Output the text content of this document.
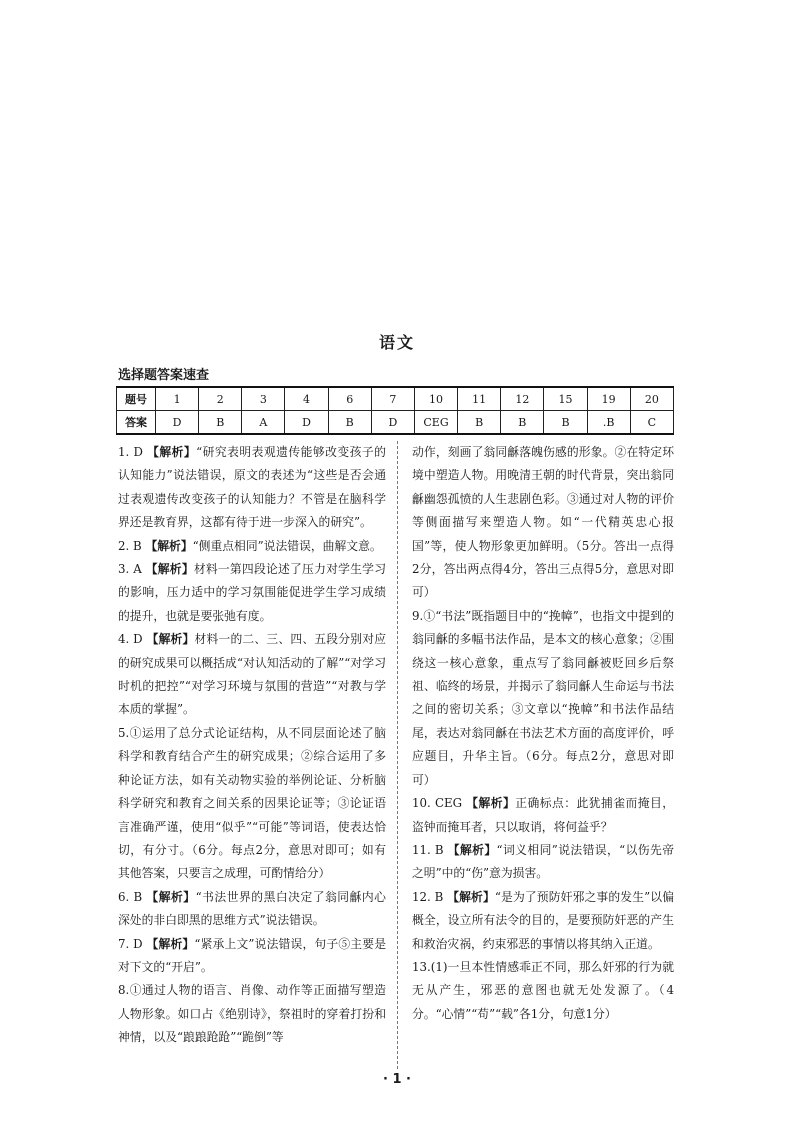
语文
选择题答案速查
题号	1	2	3	4	6	7	10	11	12	15	19	20
答案	D	B	A	D	B	D	CEG	B	B	B	.B	C

1. D 【解析】“研究表明表观遗传能够改变孩子的认知能力”说法错误，原文的表述为“这些是否会通过表观遗传改变孩子的认知能力？不管是在脑科学界还是教育界，这都有待于进一步深入的研究”。

2. B 【解析】“侧重点相同”说法错误，曲解文意。

3. A 【解析】材料一第四段论述了压力对学生学习的影响，压力适中的学习氛围能促进学生学习成绩的提升，也就是要张弛有度。

4. D 【解析】材料一的二、三、四、五段分别对应的研究成果可以概括成“对认知活动的了解”“对学习时机的把控”“对学习环境与氛围的营造”“对教与学本质的掌握”。

5.①运用了总分式论证结构，从不同层面论述了脑科学和教育结合产生的研究成果；②综合运用了多种论证方法，如有关动物实验的举例论证、分析脑科学研究和教育之间关系的因果论证等；③论证语言准确严谨，使用“似乎”“可能”等词语，使表达恰切，有分寸。（6分。每点2分，意思对即可；如有其他答案，只要言之成理，可酌情给分）

6. B 【解析】“书法世界的黑白决定了翁同龢内心深处的非白即黑的思维方式”说法错误。

7. D 【解析】“紧承上文”说法错误，句子⑤主要是对下文的“开启”。

8.①通过人物的语言、肖像、动作等正面描写塑造人物形象。如口占《绝别诗》，祭祖时的穿着打扮和神情，以及“踉踉跄跄”“跪倒”等

动作，刻画了翁同龢落魄伤感的形象。②在特定环境中塑造人物。用晚清王朝的时代背景，突出翁同龢幽怨孤愤的人生悲剧色彩。③通过对人物的评价等侧面描写来塑造人物。如“一代精英忠心报国”等，使人物形象更加鲜明。（5分。答出一点得2分，答出两点得4分，答出三点得5分，意思对即可）

9.①“书法”既指题目中的“挽幛”，也指文中提到的翁同龢的多幅书法作品，是本文的核心意象；②围绕这一核心意象，重点写了翁同龢被贬回乡后祭祖、临终的场景，并揭示了翁同龢人生命运与书法之间的密切关系；③文章以“挽幛”和书法作品结尾，表达对翁同龢在书法艺术方面的高度评价，呼应题目，升华主旨。（6分。每点2分，意思对即可）

10. CEG 【解析】正确标点：此犹捕雀而掩目，盗钟而掩耳者，只以取诮，将何益乎？

11. B 【解析】“词义相同”说法错误，“以伤先帝之明”中的“伤”意为损害。

12. B 【解析】“是为了预防奸邪之事的发生”以偏概全，设立所有法令的目的，是要预防奸恶的产生和救治灾祸，约束邪恶的事情以将其纳入正道。

13.(1)一旦本性情感乖正不同，那么奸邪的行为就无从产生，邪恶的意图也就无处发源了。（4分。“心情”“苟”“载”各1分，句意1分）

· 1 ·
